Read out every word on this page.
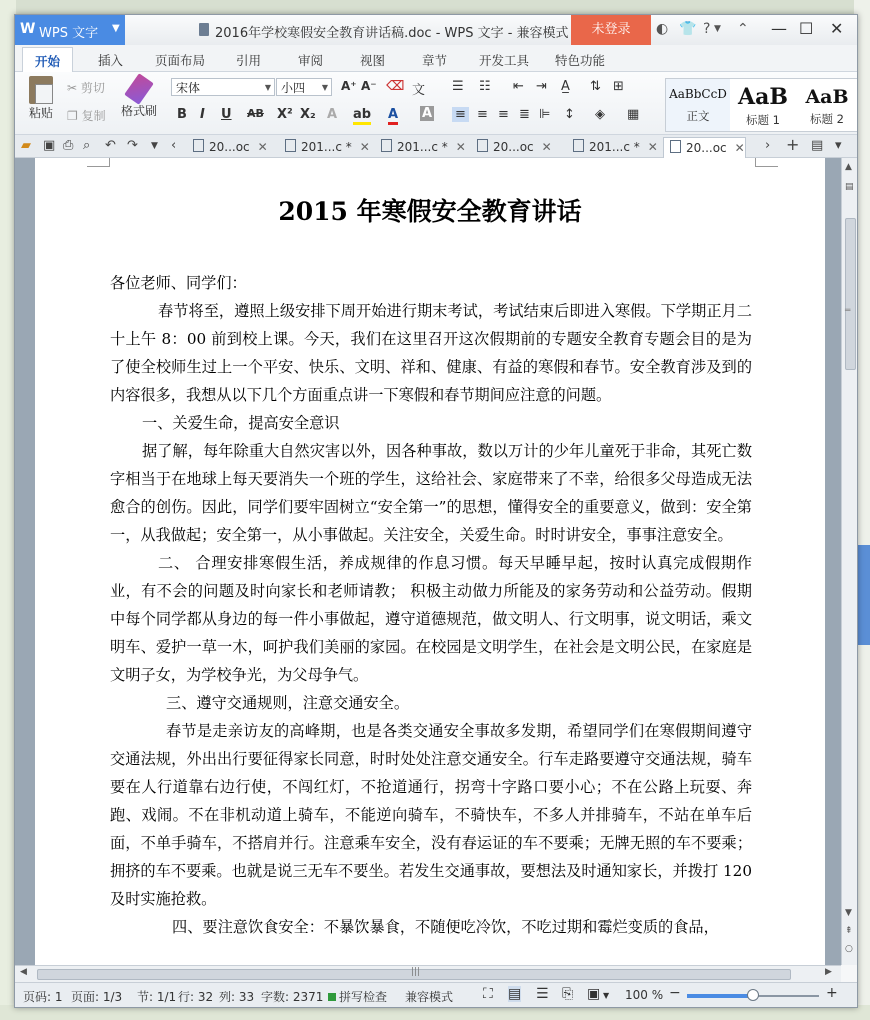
W WPS 文字 ▼	2016年学校寒假安全教育讲话稿.doc - WPS 文字 - 兼容模式	未登录	◐ 👕 ? ▼ ⌃ — ☐ ✕
开始	插入	页面布局 引用	审阅	视图	章节	开发工具 特色功能
粘贴
✂ 剪切
❐ 复制 格式刷
宋体	▼ 小四 ▼ A⁺ A⁻ ⌫ 文
B I U AB X² X₂ A ab A A
☰ ☷ ⇤ ⇥ A̲ ⇅ ⊞
≡ ≡ ≡ ≣ ⊫ ↕ ◈ ▦
AaBbCcD
正文
AaB
标题 1
AaB
标题 2
▰ ▣ ⎙ ⌕ ↶ ↷ ▼ ‹	20...oc ✕	201...c * ✕	201...c * ✕	20...oc ✕	201...c * ✕	20...oc ✕ › + ▤ ▾
2015 年寒假安全教育讲话

各位老师、同学们：

春节将至，遵照上级安排下周开始进行期末考试，考试结束后即进入寒假。下学期正月二十上午 8：00 前到校上课。今天，我们在这里召开这次假期前的专题安全教育专题会目的是为了使全校师生过上一个平安、快乐、文明、祥和、健康、有益的寒假和春节。安全教育涉及到的内容很多，我想从以下几个方面重点讲一下寒假和春节期间应注意的问题。

一、关爱生命，提高安全意识

据了解，每年除重大自然灾害以外，因各种事故，数以万计的少年儿童死于非命，其死亡数字相当于在地球上每天要消失一个班的学生，这给社会、家庭带来了不幸，给很多父母造成无法愈合的创伤。因此，同学们要牢固树立“安全第一”的思想，懂得安全的重要意义，做到：安全第一，从我做起；安全第一，从小事做起。关注安全，关爱生命。时时讲安全，事事注意安全。

二、 合理安排寒假生活，养成规律的作息习惯。每天早睡早起，按时认真完成假期作业，有不会的问题及时向家长和老师请教； 积极主动做力所能及的家务劳动和公益劳动。假期中每个同学都从身边的每一件小事做起，遵守道德规范，做文明人、行文明事，说文明话，乘文明车、爱护一草一木，呵护我们美丽的家园。在校园是文明学生，在社会是文明公民，在家庭是文明子女，为学校争光，为父母争气。

三、遵守交通规则，注意交通安全。

春节是走亲访友的高峰期，也是各类交通安全事故多发期，希望同学们在寒假期间遵守交通法规，外出出行要征得家长同意，时时处处注意交通安全。行车走路要遵守交通法规，骑车要在人行道靠右边行使，不闯红灯，不抢道通行，拐弯十字路口要小心；不在公路上玩耍、奔跑、戏闹。不在非机动道上骑车，不能逆向骑车，不骑快车，不多人并排骑车，不站在单车后面，不单手骑车，不搭肩并行。注意乘车安全，没有春运证的车不要乘；无牌无照的车不要乘；拥挤的车不要乘。也就是说三无车不要坐。若发生交通事故，要想法及时通知家长，并拨打 120 及时实施抢救。

四、要注意饮食安全：不暴饮暴食，不随便吃冷饮，不吃过期和霉烂变质的食品，

▲
▤
═
▼
⇞
○
◀	|||	▶
页码: 1 页面: 1/3 节: 1/1 行: 32 列: 33 字数: 2371	拼写检查 兼容模式 ⛶ ▤ ☰ ⎘ ▣ ▼ 100 % −	+
